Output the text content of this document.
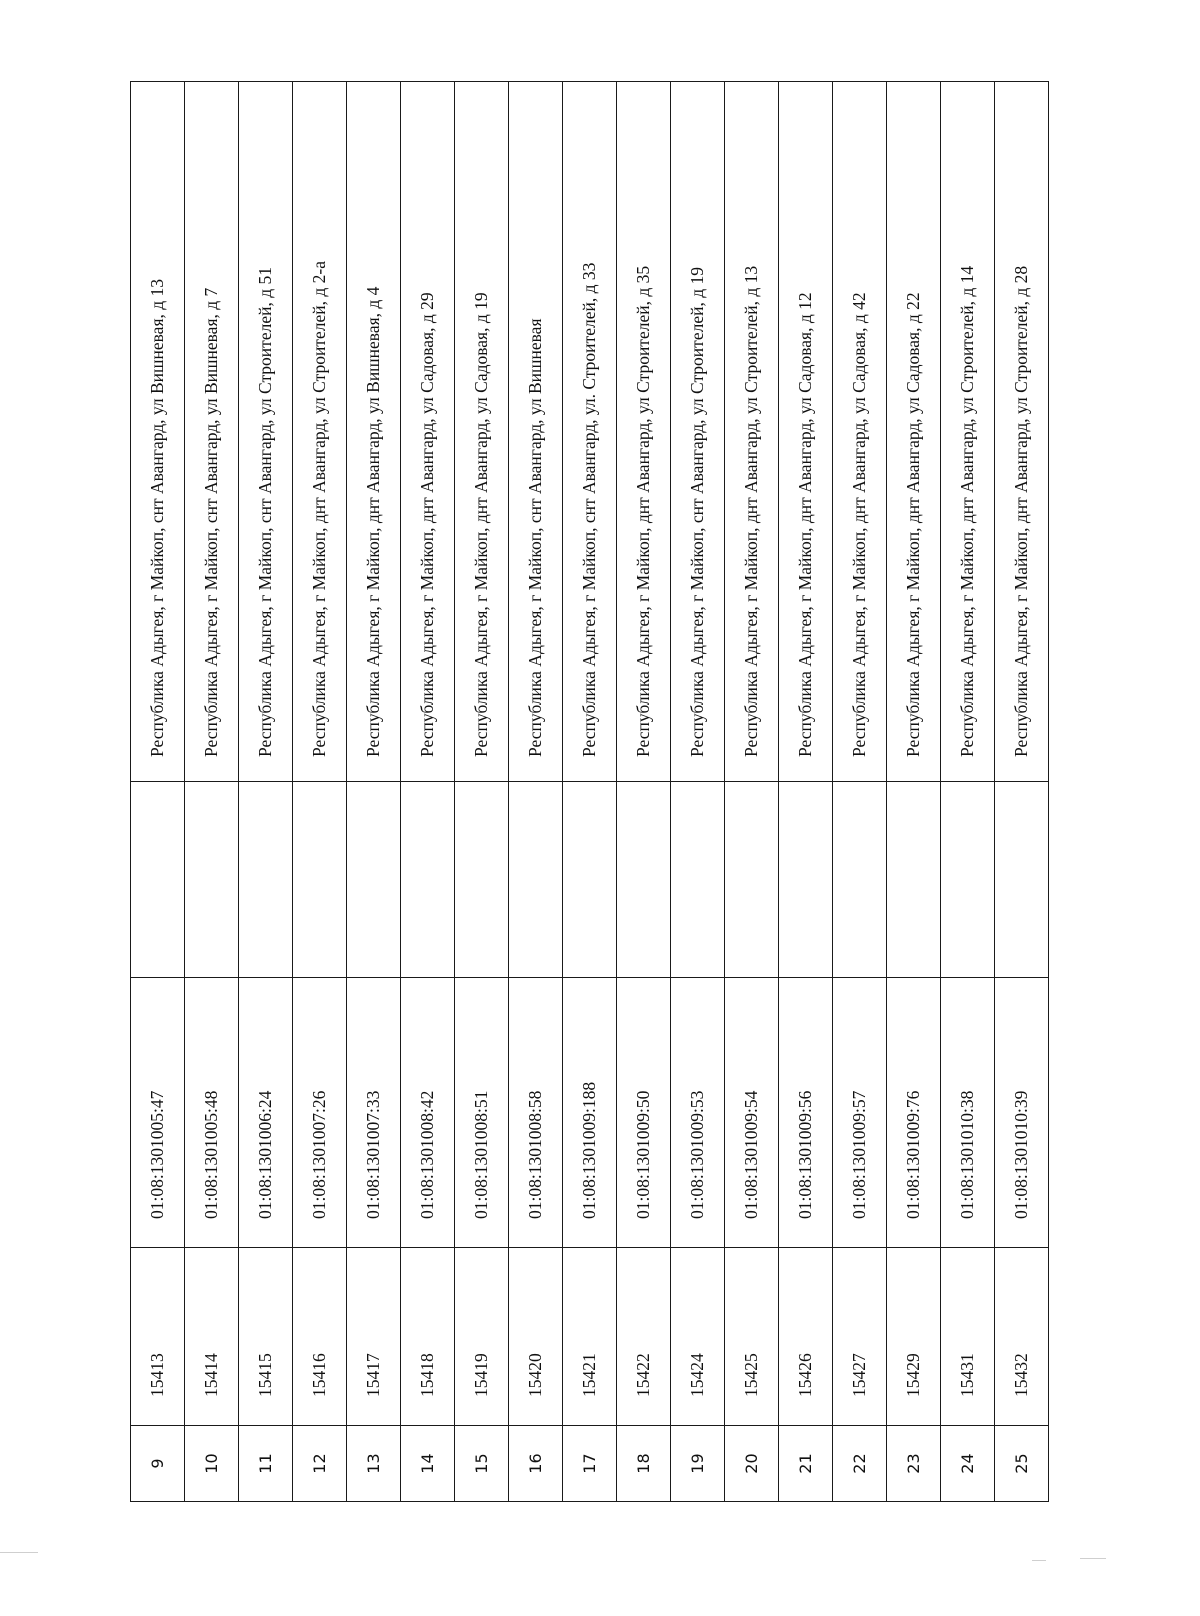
9	15413	01:08:1301005:47		Республика Адыгея, г Майкоп, снт Авангард, ул Вишневая, д 13
10	15414	01:08:1301005:48		Республика Адыгея, г Майкоп, снт Авангард, ул Вишневая, д 7
11	15415	01:08:1301006:24		Республика Адыгея, г Майкоп, снт Авангард, ул Строителей, д 51
12	15416	01:08:1301007:26		Республика Адыгея, г Майкоп, днт Авангард, ул Строителей, д 2-а
13	15417	01:08:1301007:33		Республика Адыгея, г Майкоп, днт Авангард, ул Вишневая, д 4
14	15418	01:08:1301008:42		Республика Адыгея, г Майкоп, днт Авангард, ул Садовая, д 29
15	15419	01:08:1301008:51		Республика Адыгея, г Майкоп, днт Авангард, ул Садовая, д 19
16	15420	01:08:1301008:58		Республика Адыгея, г Майкоп, снт Авангард, ул Вишневая
17	15421	01:08:1301009:188		Республика Адыгея, г Майкоп, снт Авангард, ул. Строителей, д 33
18	15422	01:08:1301009:50		Республика Адыгея, г Майкоп, днт Авангард, ул Строителей, д 35
19	15424	01:08:1301009:53		Республика Адыгея, г Майкоп, снт Авангард, ул Строителей, д 19
20	15425	01:08:1301009:54		Республика Адыгея, г Майкоп, днт Авангард, ул Строителей, д 13
21	15426	01:08:1301009:56		Республика Адыгея, г Майкоп, днт Авангард, ул Садовая, д 12
22	15427	01:08:1301009:57		Республика Адыгея, г Майкоп, днт Авангард, ул Садовая, д 42
23	15429	01:08:1301009:76		Республика Адыгея, г Майкоп, днт Авангард, ул Садовая, д 22
24	15431	01:08:1301010:38		Республика Адыгея, г Майкоп, днт Авангард, ул Строителей, д 14
25	15432	01:08:1301010:39		Республика Адыгея, г Майкоп, днт Авангард, ул Строителей, д 28
